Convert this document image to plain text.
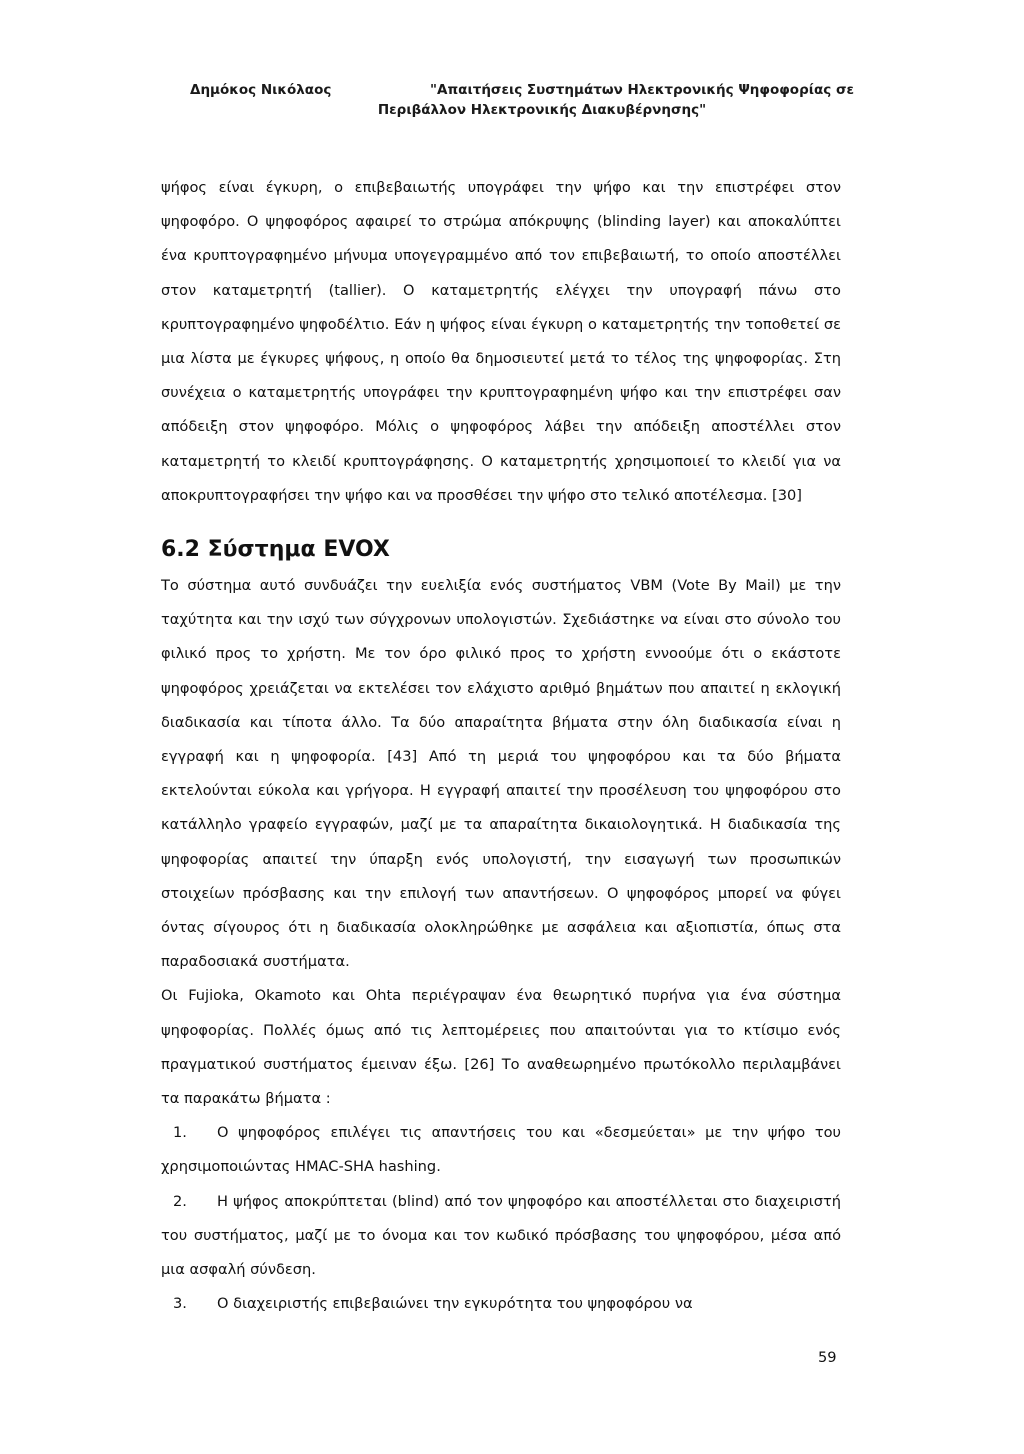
Δημόκος Νικόλαος	"Απαιτήσεις Συστημάτων Ηλεκτρονικής Ψηφοφορίας σε
Περιβάλλον Ηλεκτρονικής Διακυβέρνησης"

ψήφος είναι έγκυρη, ο επιβεβαιωτής υπογράφει την ψήφο και την επιστρέφει στον ψηφοφόρο. Ο ψηφοφόρος αφαιρεί το στρώμα απόκρυψης (blinding layer) και αποκαλύπτει ένα κρυπτογραφημένο μήνυμα υπογεγραμμένο από τον επιβεβαιωτή, το οποίο αποστέλλει στον καταμετρητή (tallier). Ο καταμετρητής ελέγχει την υπογραφή πάνω στο κρυπτογραφημένο ψηφοδέλτιο. Εάν η ψήφος είναι έγκυρη ο καταμετρητής την τοποθετεί σε μια λίστα με έγκυρες ψήφους, η οποίο θα δημοσιευτεί μετά το τέλος της ψηφοφορίας. Στη συνέχεια ο καταμετρητής υπογράφει την κρυπτογραφημένη ψήφο και την επιστρέφει σαν απόδειξη στον ψηφοφόρο. Μόλις ο ψηφοφόρος λάβει την απόδειξη αποστέλλει στον καταμετρητή το κλειδί κρυπτογράφησης. Ο καταμετρητής χρησιμοποιεί το κλειδί για να αποκρυπτογραφήσει την ψήφο και να προσθέσει την ψήφο στο τελικό αποτέλεσμα. [30]

6.2 Σύστημα EVOX

Το σύστημα αυτό συνδυάζει την ευελιξία ενός συστήματος VBM (Vote By Mail) με την ταχύτητα και την ισχύ των σύγχρονων υπολογιστών. Σχεδιάστηκε να είναι στο σύνολο του φιλικό προς το χρήστη. Με τον όρο φιλικό προς το χρήστη εννοούμε ότι ο εκάστοτε ψηφοφόρος χρειάζεται να εκτελέσει τον ελάχιστο αριθμό βημάτων που απαιτεί η εκλογική διαδικασία και τίποτα άλλο. Τα δύο απαραίτητα βήματα στην όλη διαδικασία είναι η εγγραφή και η ψηφοφορία. [43] Από τη μεριά του ψηφοφόρου και τα δύο βήματα εκτελούνται εύκολα και γρήγορα. Η εγγραφή απαιτεί την προσέλευση του ψηφοφόρου στο κατάλληλο γραφείο εγγραφών, μαζί με τα απαραίτητα δικαιολογητικά. Η διαδικασία της ψηφοφορίας απαιτεί την ύπαρξη ενός υπολογιστή, την εισαγωγή των προσωπικών στοιχείων πρόσβασης και την επιλογή των απαντήσεων. Ο ψηφοφόρος μπορεί να φύγει όντας σίγουρος ότι η διαδικασία ολοκληρώθηκε με ασφάλεια και αξιοπιστία, όπως στα παραδοσιακά συστήματα.

Οι Fujioka, Okamoto και Ohta περιέγραψαν ένα θεωρητικό πυρήνα για ένα σύστημα ψηφοφορίας. Πολλές όμως από τις λεπτομέρειες που απαιτούνται για το κτίσιμο ενός πραγματικού συστήματος έμειναν έξω. [26] Το αναθεωρημένο πρωτόκολλο περιλαμβάνει τα παρακάτω βήματα :

1. Ο ψηφοφόρος επιλέγει τις απαντήσεις του και «δεσμεύεται» με την ψήφο του χρησιμοποιώντας HMAC-SHA hashing.

2. Η ψήφος αποκρύπτεται (blind) από τον ψηφοφόρο και αποστέλλεται στο διαχειριστή του συστήματος, μαζί με το όνομα και τον κωδικό πρόσβασης του ψηφοφόρου, μέσα από μια ασφαλή σύνδεση.

3. Ο διαχειριστής επιβεβαιώνει την εγκυρότητα του ψηφοφόρου να

59
